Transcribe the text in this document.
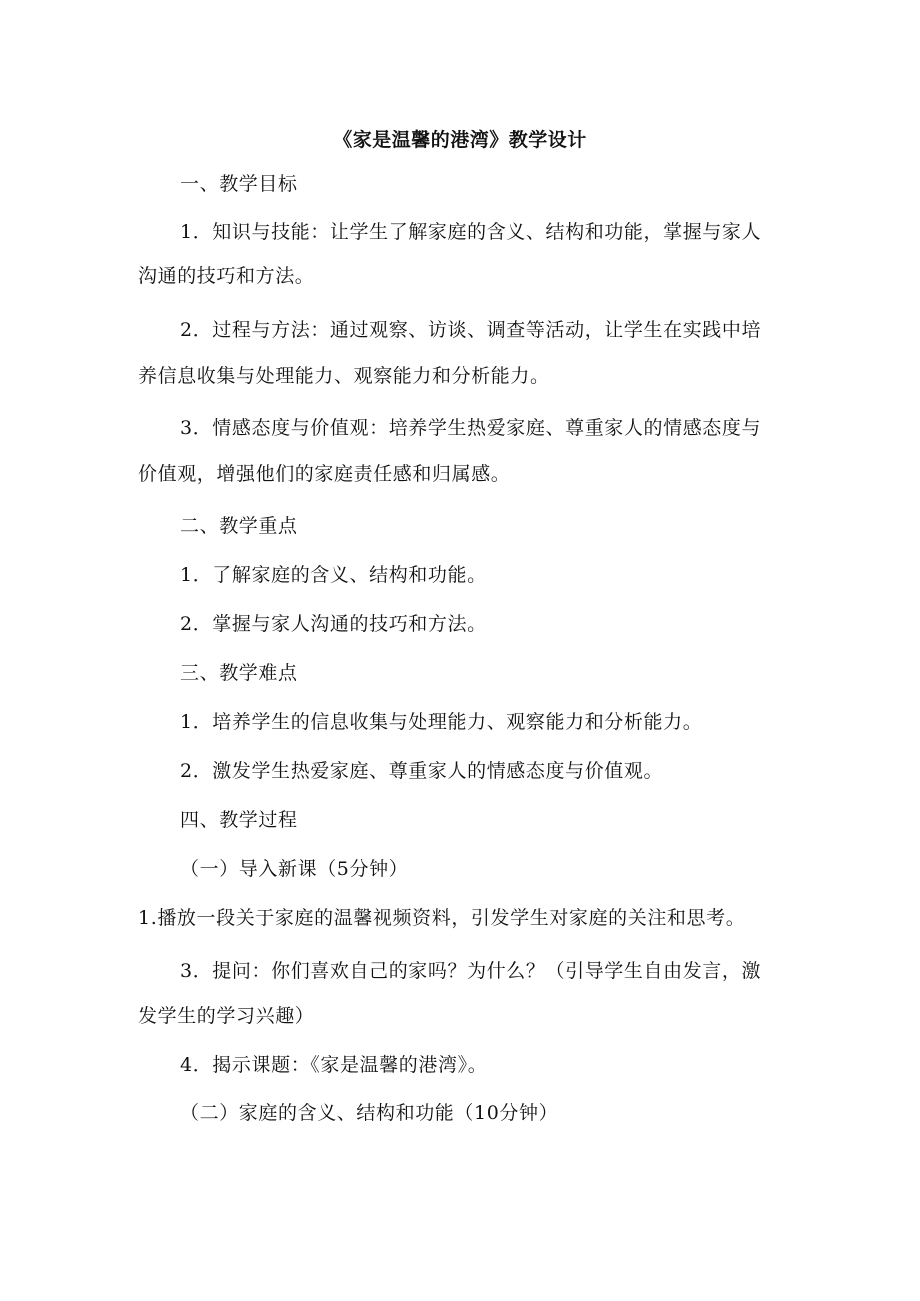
《家是温馨的港湾》教学设计
一、教学目标
1．知识与技能：让学生了解家庭的含义、结构和功能，掌握与家人
沟通的技巧和方法。
2．过程与方法：通过观察、访谈、调查等活动，让学生在实践中培
养信息收集与处理能力、观察能力和分析能力。
3．情感态度与价值观：培养学生热爱家庭、尊重家人的情感态度与
价值观，增强他们的家庭责任感和归属感。
二、教学重点
1．了解家庭的含义、结构和功能。
2．掌握与家人沟通的技巧和方法。
三、教学难点
1．培养学生的信息收集与处理能力、观察能力和分析能力。
2．激发学生热爱家庭、尊重家人的情感态度与价值观。
四、教学过程
（一）导入新课（5分钟）
1.播放一段关于家庭的温馨视频资料，引发学生对家庭的关注和思考。
3．提问：你们喜欢自己的家吗？为什么？（引导学生自由发言，激
发学生的学习兴趣）
4．揭示课题：《家是温馨的港湾》。
（二）家庭的含义、结构和功能（10分钟）
